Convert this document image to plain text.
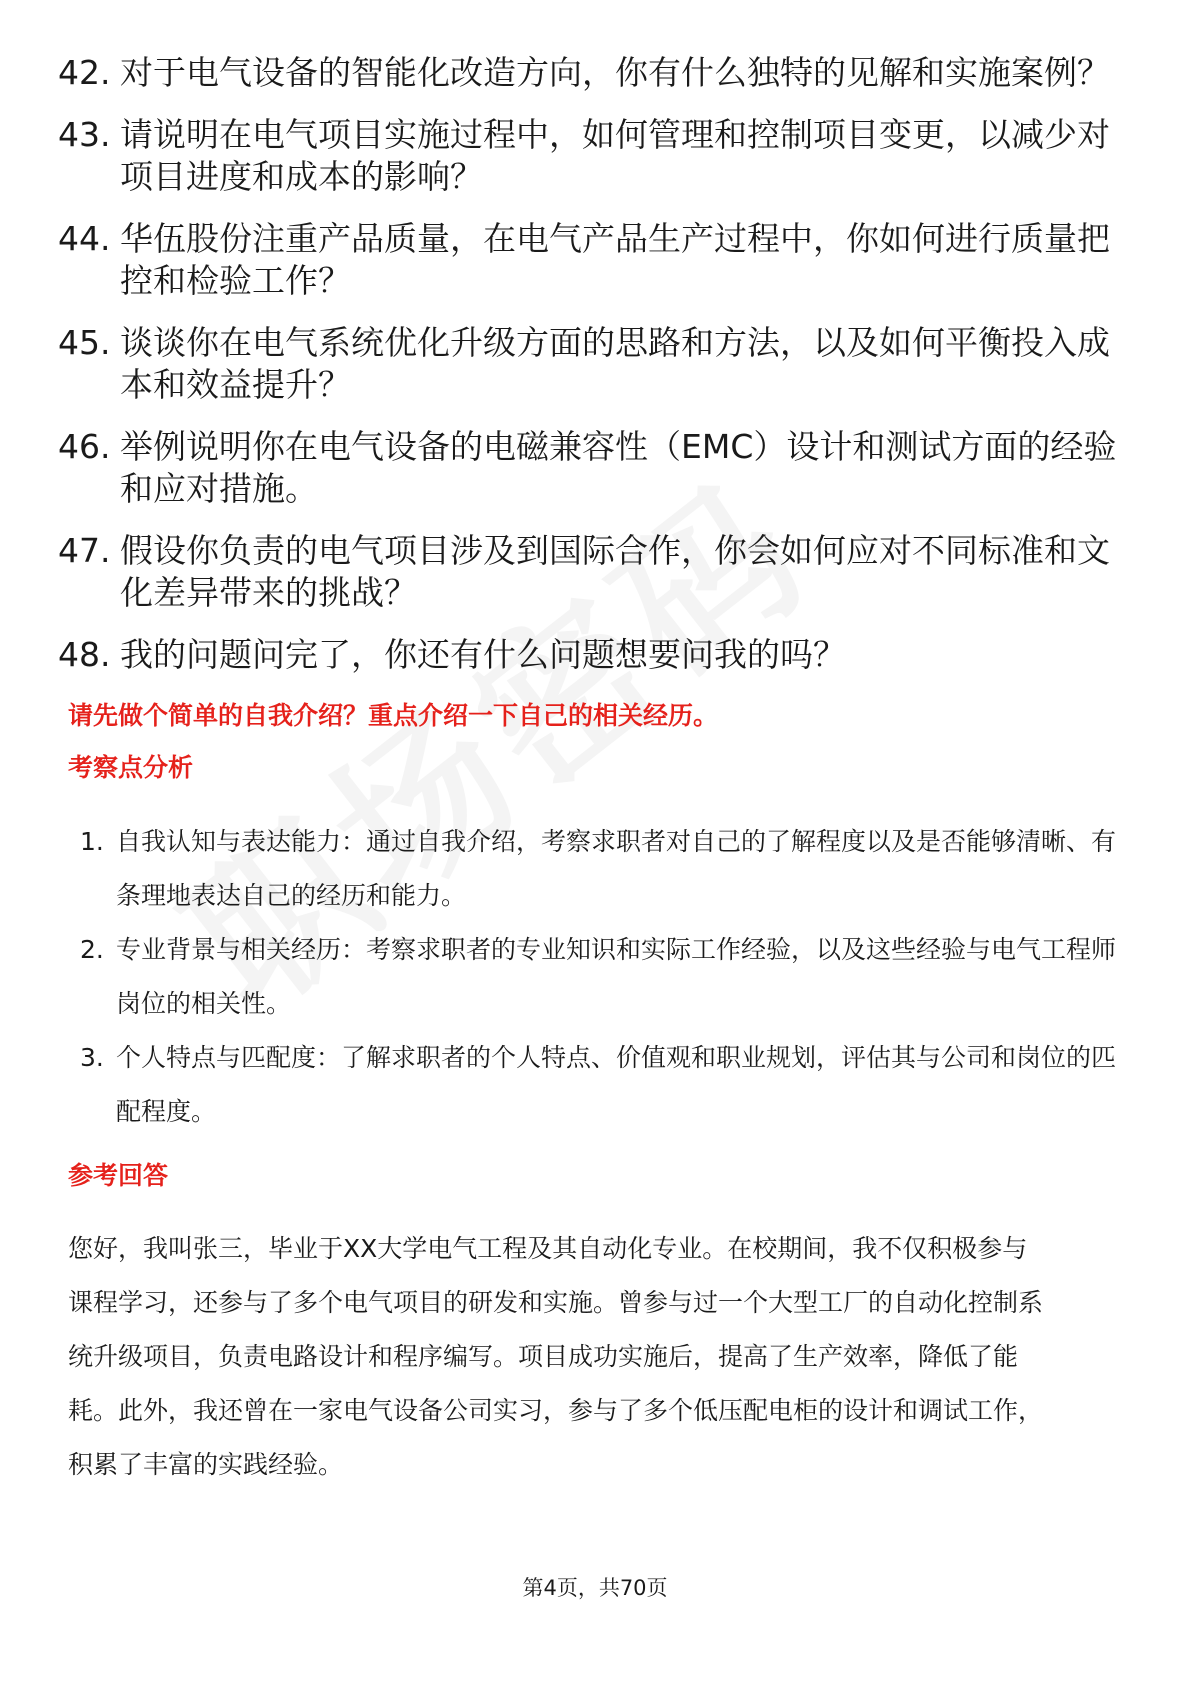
42. 对于电气设备的智能化改造方向，你有什么独特的见解和实施案例？
43. 请说明在电气项目实施过程中，如何管理和控制项目变更，以减少对项目进度和成本的影响？
44. 华伍股份注重产品质量，在电气产品生产过程中，你如何进行质量把控和检验工作？
45. 谈谈你在电气系统优化升级方面的思路和方法，以及如何平衡投入成本和效益提升？
46. 举例说明你在电气设备的电磁兼容性（EMC）设计和测试方面的经验和应对措施。
47. 假设你负责的电气项目涉及到国际合作，你会如何应对不同标准和文化差异带来的挑战？
48. 我的问题问完了，你还有什么问题想要问我的吗？
请先做个简单的自我介绍？重点介绍一下自己的相关经历。
考察点分析
1. 自我认知与表达能力：通过自我介绍，考察求职者对自己的了解程度以及是否能够清晰、有条理地表达自己的经历和能力。
2. 专业背景与相关经历：考察求职者的专业知识和实际工作经验，以及这些经验与电气工程师岗位的相关性。
3. 个人特点与匹配度：了解求职者的个人特点、价值观和职业规划，评估其与公司和岗位的匹配程度。
参考回答

您好，我叫张三，毕业于XX大学电气工程及其自动化专业。在校期间，我不仅积极参与课程学习，还参与了多个电气项目的研发和实施。曾参与过一个大型工厂的自动化控制系统升级项目，负责电路设计和程序编写。项目成功实施后，提高了生产效率，降低了能耗。此外，我还曾在一家电气设备公司实习，参与了多个低压配电柜的设计和调试工作，积累了丰富的实践经验。

第4页，共70页
